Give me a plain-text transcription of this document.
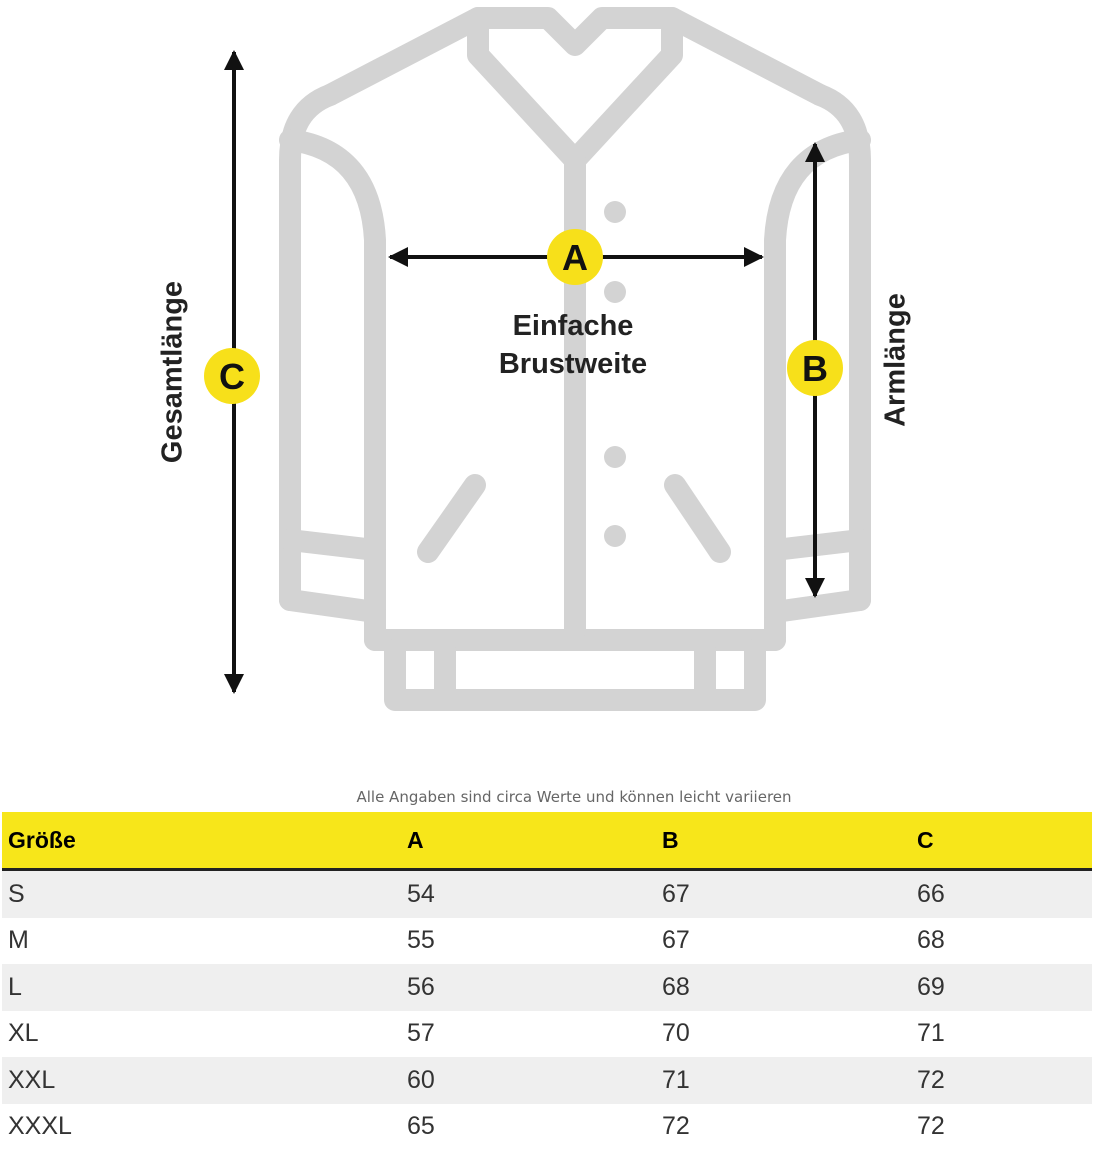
A
B
C
Einfache
Brustweite
Gesamtlänge	Armlänge
Alle Angaben sind circa Werte und können leicht variieren
Größe	A	B	C
S	54	67	66
M	55	67	68
L	56	68	69
XL	57	70	71
XXL	60	71	72
XXXL	65	72	72
